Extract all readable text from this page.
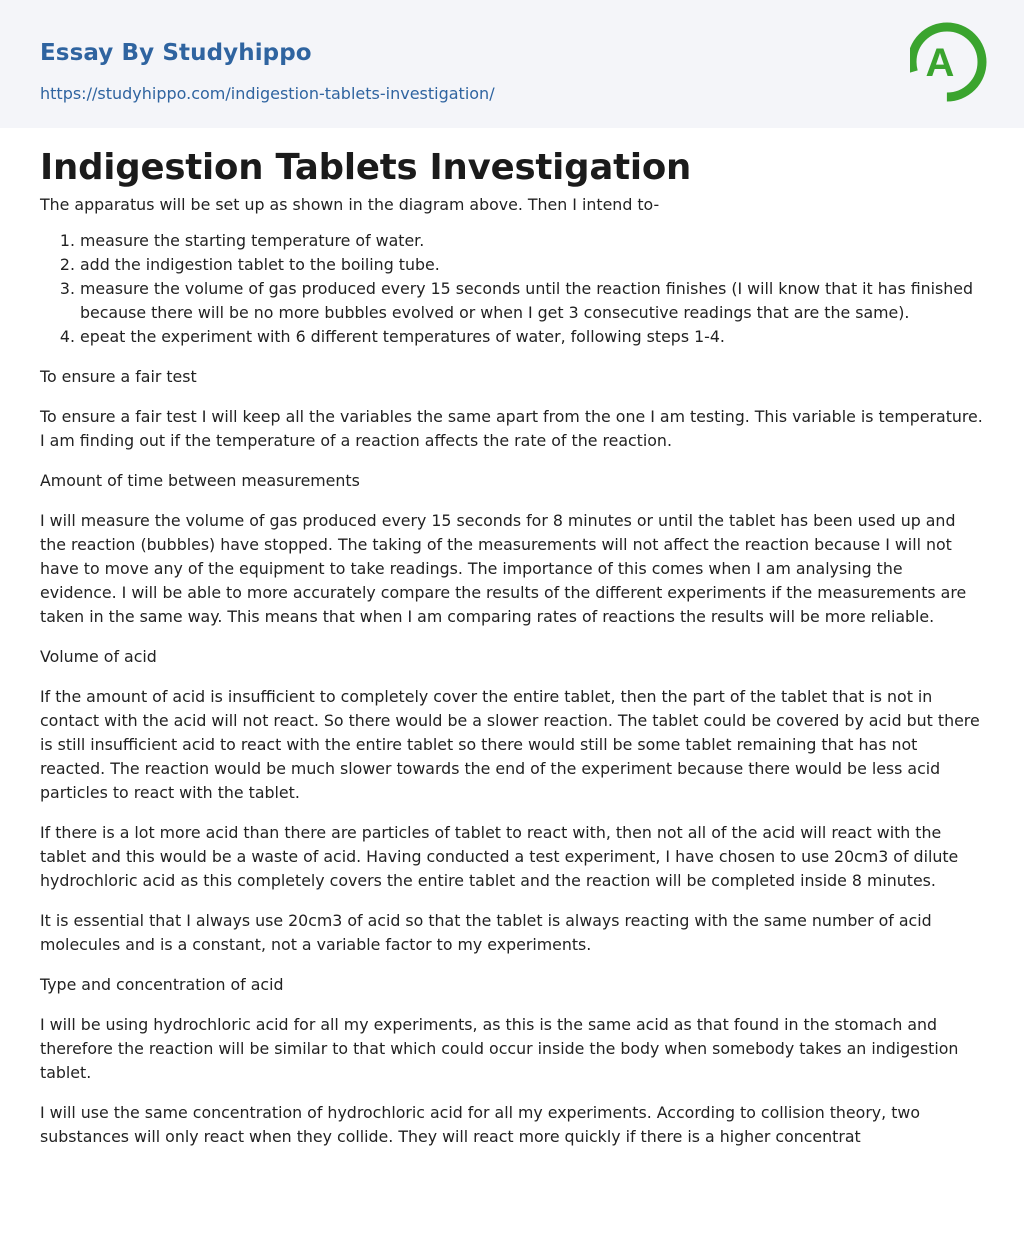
Essay By Studyhippo
https://studyhippo.com/indigestion-tablets-investigation/
A
Indigestion Tablets Investigation

The apparatus will be set up as shown in the diagram above. Then I intend to-

1. measure the starting temperature of water.
2. add the indigestion tablet to the boiling tube.
3. measure the volume of gas produced every 15 seconds until the reaction finishes (I will know that it has finished because there will be no more bubbles evolved or when I get 3 consecutive readings that are the same).
4. epeat the experiment with 6 different temperatures of water, following steps 1-4.

To ensure a fair test

To ensure a fair test I will keep all the variables the same apart from the one I am testing. This variable is temperature. I am finding out if the temperature of a reaction affects the rate of the reaction.

Amount of time between measurements

I will measure the volume of gas produced every 15 seconds for 8 minutes or until the tablet has been used up and the reaction (bubbles) have stopped. The taking of the measurements will not affect the reaction because I will not have to move any of the equipment to take readings. The importance of this comes when I am analysing the evidence. I will be able to more accurately compare the results of the different experiments if the measurements are taken in the same way. This means that when I am comparing rates of reactions the results will be more reliable.

Volume of acid

If the amount of acid is insufficient to completely cover the entire tablet, then the part of the tablet that is not in contact with the acid will not react. So there would be a slower reaction. The tablet could be covered by acid but there is still insufficient acid to react with the entire tablet so there would still be some tablet remaining that has not reacted. The reaction would be much slower towards the end of the experiment because there would be less acid particles to react with the tablet.

If there is a lot more acid than there are particles of tablet to react with, then not all of the acid will react with the tablet and this would be a waste of acid. Having conducted a test experiment, I have chosen to use 20cm3 of dilute hydrochloric acid as this completely covers the entire tablet and the reaction will be completed inside 8 minutes.

It is essential that I always use 20cm3 of acid so that the tablet is always reacting with the same number of acid molecules and is a constant, not a variable factor to my experiments.

Type and concentration of acid

I will be using hydrochloric acid for all my experiments, as this is the same acid as that found in the stomach and therefore the reaction will be similar to that which could occur inside the body when somebody takes an indigestion tablet.

I will use the same concentration of hydrochloric acid for all my experiments. According to collision theory, two substances will only react when they collide. They will react more quickly if there is a higher concentrat
